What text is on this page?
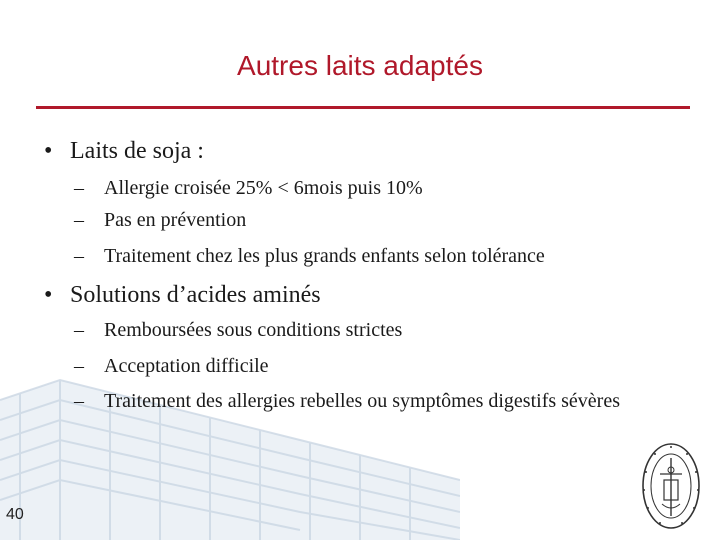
Autres laits adaptés
• Laits de soja :
– Allergie croisée 25% < 6mois puis 10%
– Pas en prévention
– Traitement chez les plus grands enfants selon tolérance
• Solutions d’acides aminés
– Remboursées sous conditions strictes
– Acceptation difficile
– Traitement des allergies rebelles ou symptômes digestifs sévères
40
